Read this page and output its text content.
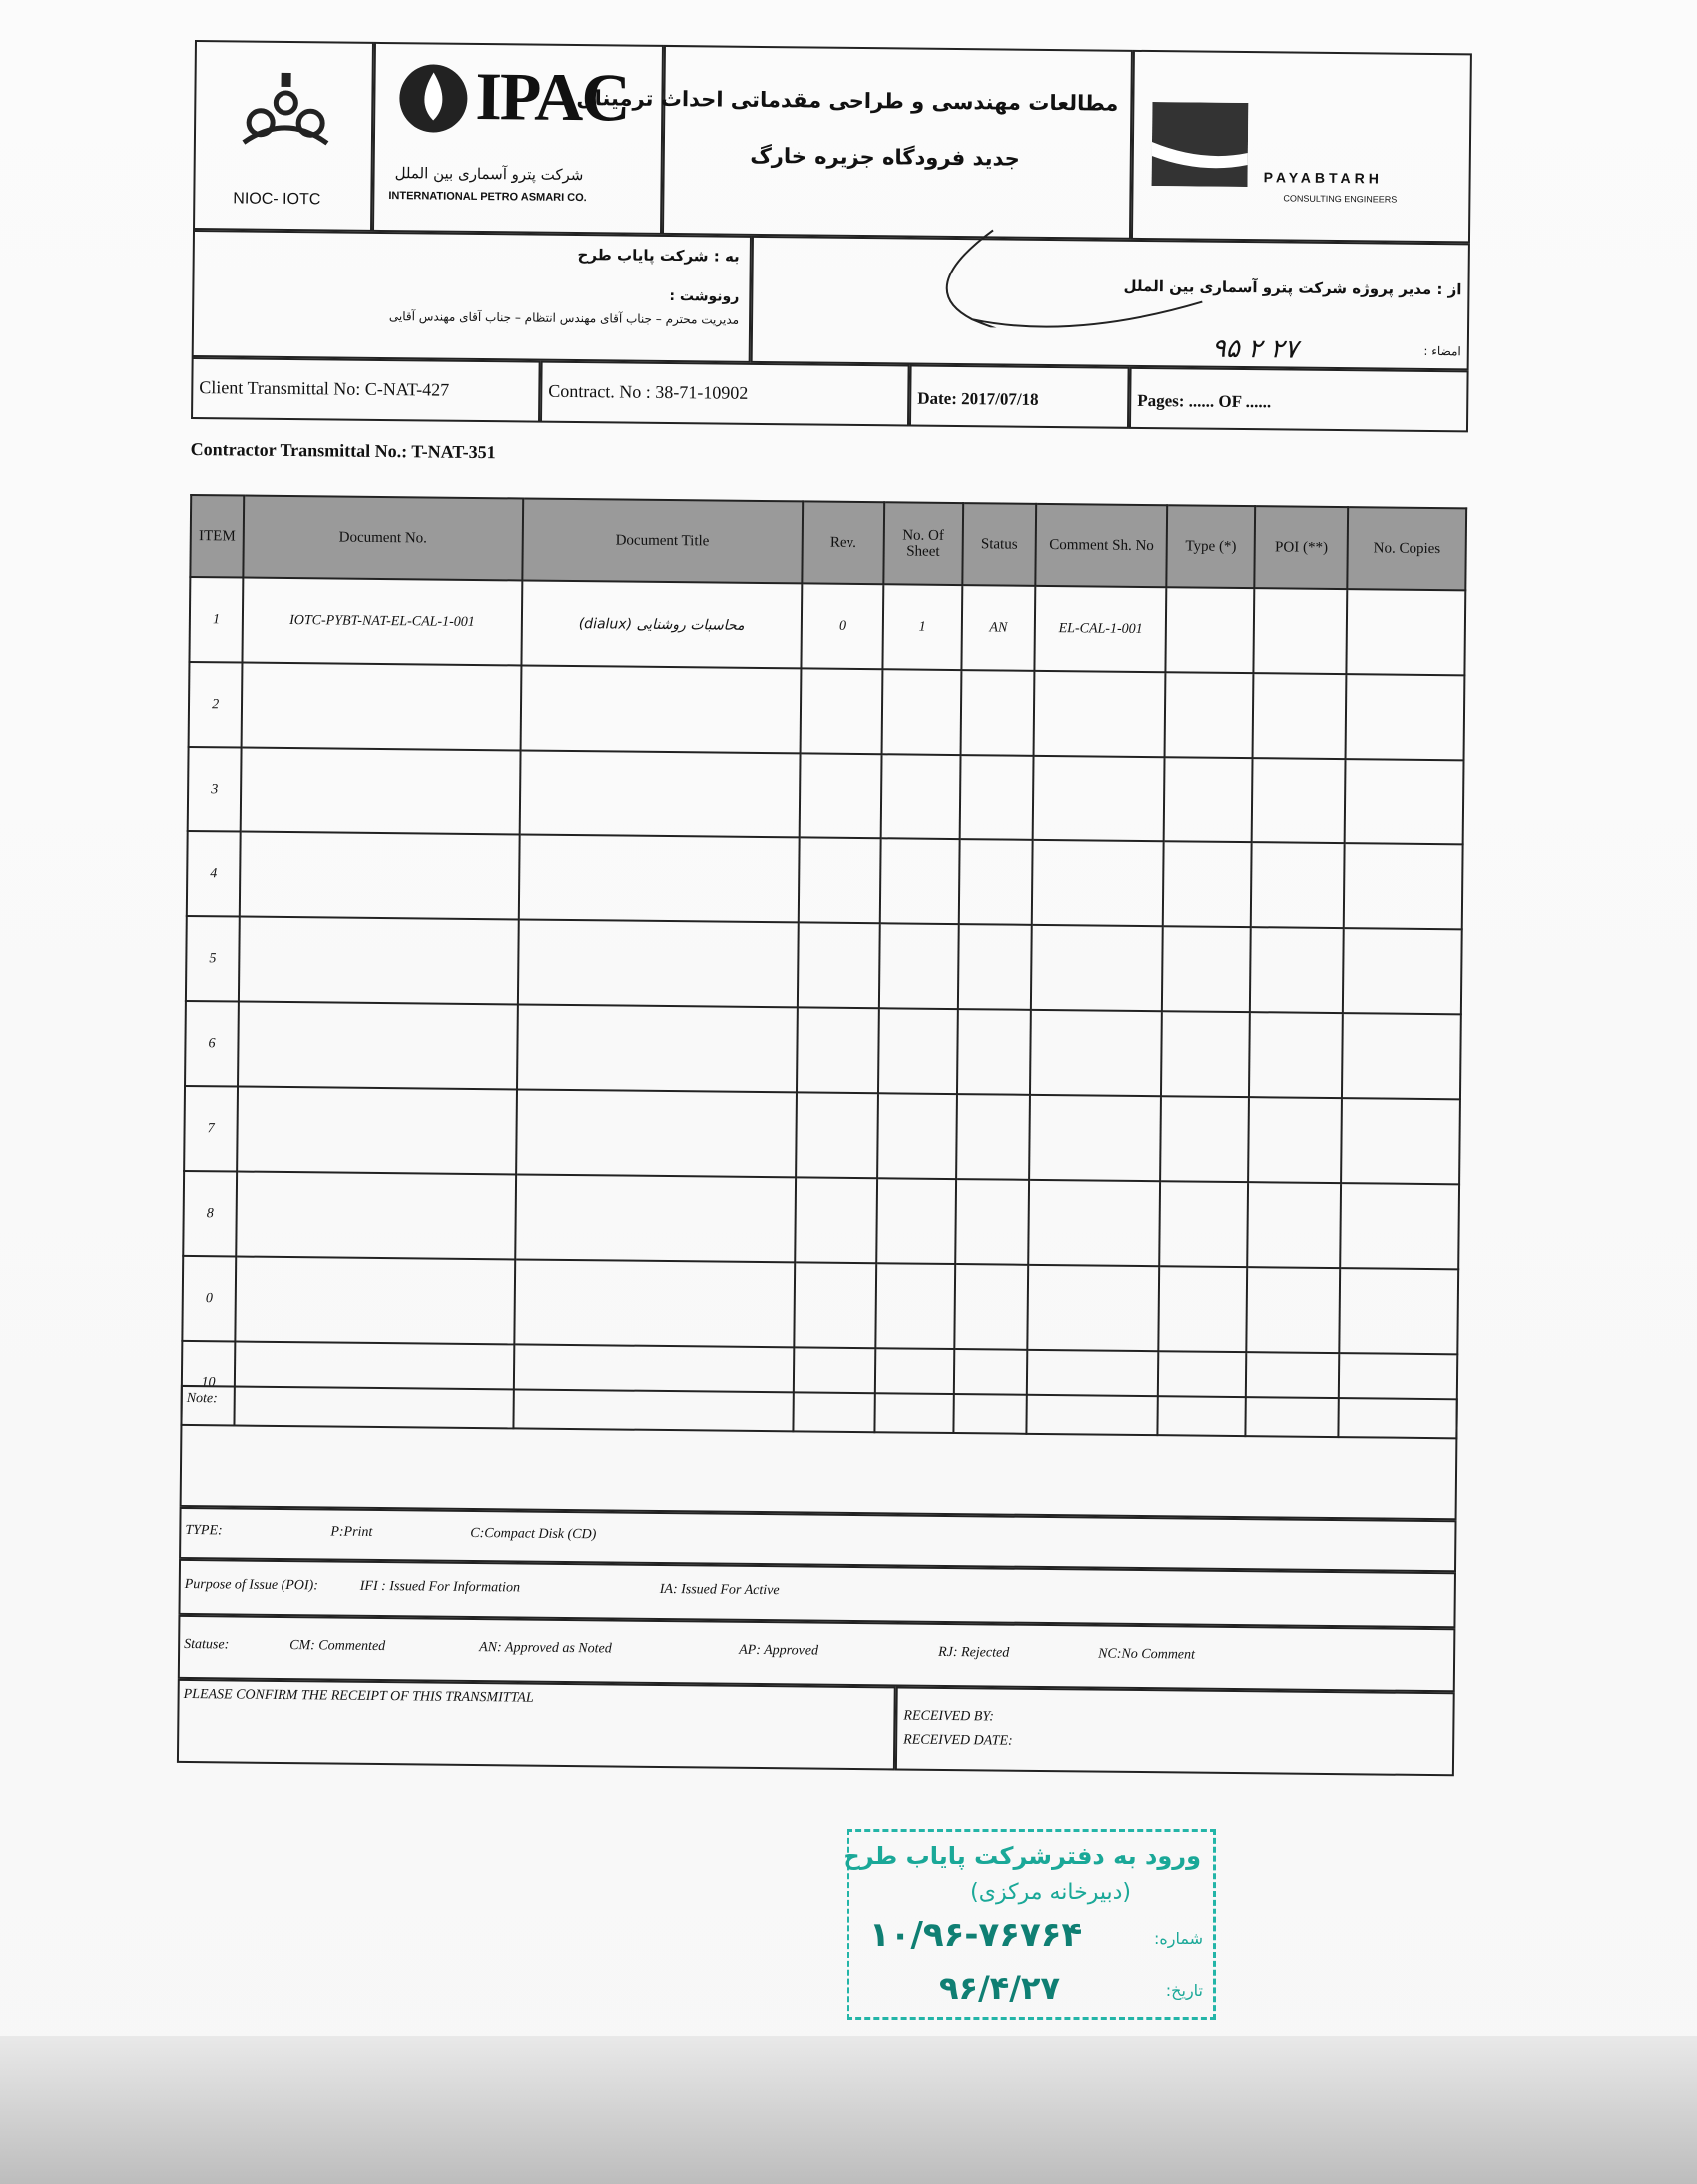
NIOC- IOTC
IPAC
شرکت پترو آسماری بین الملل
INTERNATIONAL PETRO ASMARI CO.
مطالعات مهندسی و طراحی مقدماتی احداث ترمینال
جدید فرودگاه جزیره خارگ
PAYABTARH
CONSULTING ENGINEERS
به : شرکت پایاب طرح
رونوشت :
مدیریت محترم – جناب آقای مهندس انتظام – جناب آقای مهندس آقایی
از : مدیر پروژه شرکت پترو آسماری بین الملل
امضاء :
۹۵ ۲ ۲۷
Client Transmittal No: C-NAT-427	Contract. No : 38-71-10902	Date: 2017/07/18	Pages: ...... OF ......
Contractor Transmittal No.: T-NAT-351
ITEM	Document No.	Document Title	Rev.	No. Of Sheet	Status	Comment Sh. No	Type (*)	POI (**)	No. Copies
1	IOTC-PYBT-NAT-EL-CAL-1-001	محاسبات روشنایی (dialux)	0	1	AN	EL-CAL-1-001			
2									
3									
4									
5									
6									
7									
8									
0									
10									
Note:
TYPE:	P:Print	C:Compact Disk (CD)
Purpose of Issue (POI):	IFI : Issued For Information	IA: Issued For Active
Statuse:	CM: Commented	AN: Approved as Noted	AP: Approved	RJ: Rejected	NC:No Comment
PLEASE CONFIRM THE RECEIPT OF THIS TRANSMITTAL
RECEIVED BY:
RECEIVED DATE:
ورود به دفترشرکت پایاب طرح
(دبیرخانه مرکزی)
شماره:
۱۰/۹۶-۷۶۷۶۴
تاریخ:
۹۶/۴/۲۷
